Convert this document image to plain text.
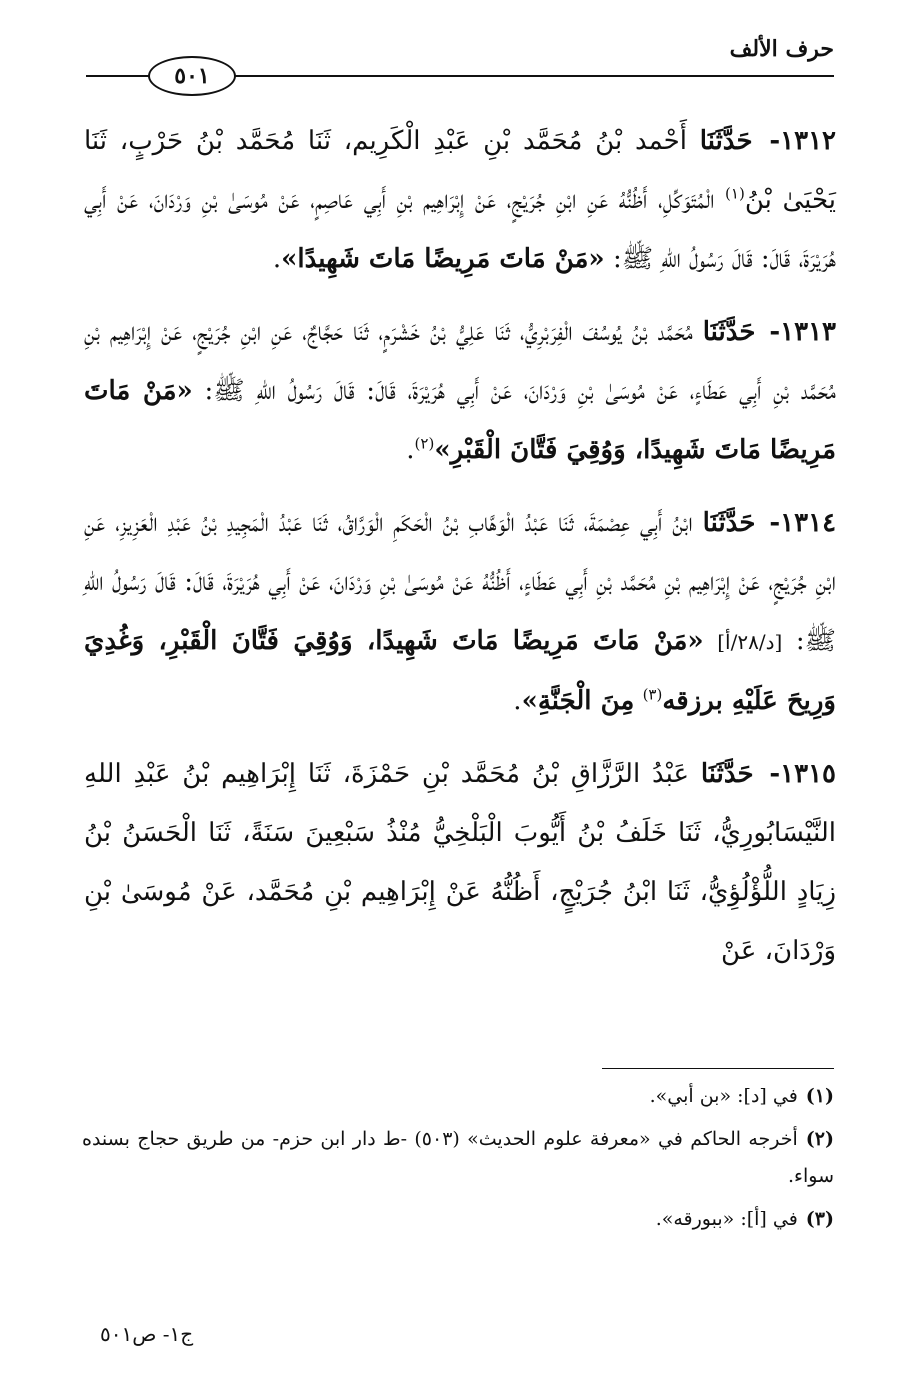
حرف الألف
٥٠١

١٣١٢- حَدَّثَنَا أَحْمد بْنُ مُحَمَّد بْنِ عَبْدِ الْكَرِيم، ثَنَا مُحَمَّد بْنُ حَرْبٍ، ثَنَا يَحْيَىٰ بْنُ$^{(١)}$ الْمُتَوَكِّلِ، أَظُنُّهُ عَنِ ابْنِ جُرَيْجٍ، عَنْ إِبْرَاهِيم بْنِ أَبِي عَاصِمٍ، عَنْ مُوسَىٰ بْنِ وَرْدَانَ، عَنْ أَبِي هُرَيْرَةَ، قَالَ: قَالَ رَسُولُ اللهِ ﷺ: «مَنْ مَاتَ مَرِيضًا مَاتَ شَهِيدًا».

١٣١٣- حَدَّثَنَا مُحَمَّد بْنُ يُوسُفَ الْفِرَبْرِيُّ، ثَنَا عَلِيُّ بْنُ خَشْرَمٍ، ثَنَا حَجَّاجٌ، عَنِ ابْنِ جُرَيْجٍ، عَنْ إِبْرَاهِيم بْنِ مُحَمَّد بْنِ أَبِي عَطَاءٍ، عَنْ مُوسَىٰ بْنِ وَرْدَانَ، عَنْ أَبِي هُرَيْرَةَ، قَالَ: قَالَ رَسُولُ اللهِ ﷺ: «مَنْ مَاتَ مَرِيضًا مَاتَ شَهِيدًا، وَوُقِيَ فَتَّانَ الْقَبْرِ»$^{(٢)}$.

١٣١٤- حَدَّثَنَا ابْنُ أَبِي عِصْمَةَ، ثَنَا عَبْدُ الْوَهَّابِ بْنُ الْحَكَمِ الْوَرَّاقُ، ثَنَا عَبْدُ الْمَجِيدِ بْنُ عَبْدِ الْعَزِيزِ، عَنِ ابْنِ جُرَيْجٍ، عَنْ إِبْرَاهِيم بْنِ مُحَمَّد بْنِ أَبِي عَطَاءٍ، أَظُنُّهُ عَنْ مُوسَىٰ بْنِ وَرْدَانَ، عَنْ أَبِي هُرَيْرَةَ، قَالَ: قَالَ رَسُولُ اللهِ ﷺ: [د/٢٨/أ] «مَنْ مَاتَ مَرِيضًا مَاتَ شَهِيدًا، وَوُقِيَ فَتَّانَ الْقَبْرِ، وَغُدِيَ وَرِيحَ عَلَيْهِ برزقه$^{(٣)}$ مِنَ الْجَنَّةِ».

١٣١٥- حَدَّثَنَا عَبْدُ الرَّزَّاقِ بْنُ مُحَمَّد بْنِ حَمْزَةَ، ثَنَا إِبْرَاهِيم بْنُ عَبْدِ اللهِ النَّيْسَابُورِيُّ، ثَنَا خَلَفُ بْنُ أَيُّوبَ الْبَلْخِيُّ مُنْذُ سَبْعِينَ سَنَةً، ثَنَا الْحَسَنُ بْنُ زِيَادٍ اللُّؤْلُؤِيُّ، ثَنَا ابْنُ جُرَيْجٍ، أَظُنُّهُ عَنْ إِبْرَاهِيم بْنِ مُحَمَّد، عَنْ مُوسَىٰ بْنِ وَرْدَانَ، عَنْ

(١)في [د]: «بن أبي».

(٢)أخرجه الحاكم في «معرفة علوم الحديث» (٥٠٣) -ط دار ابن حزم- من طريق حجاج بسنده سواء.

(٣)في [أ]: «ببورقه».

ج١- ص٥٠١
